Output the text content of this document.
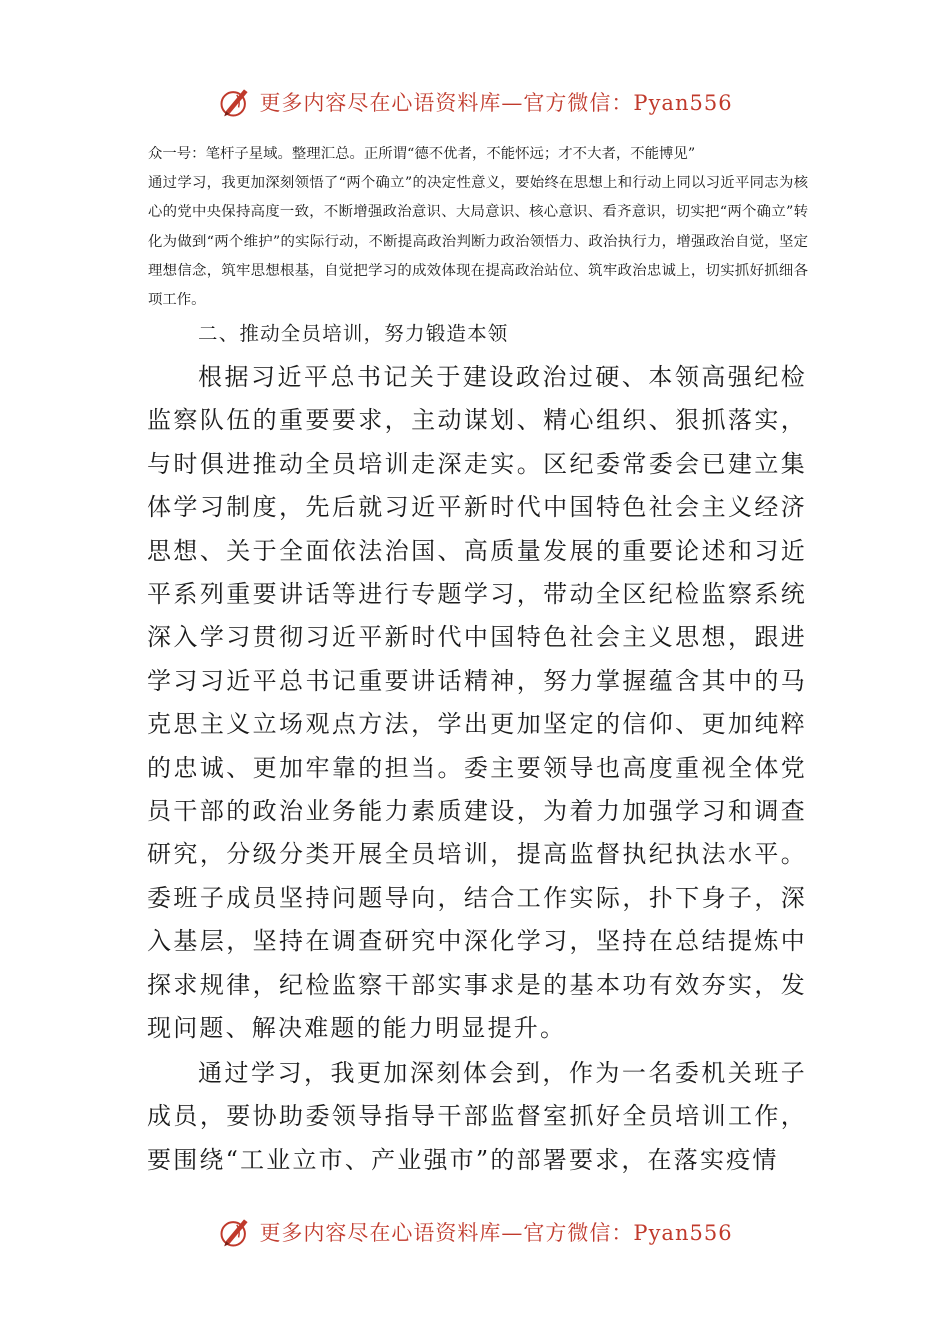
更多内容尽在心语资料库—官方微信：Pyan556

众一号：笔杆子星域。整理汇总。正所谓“德不优者，不能怀远；才不大者，不能博见”

通过学习，我更加深刻领悟了“两个确立”的决定性意义，要始终在思想上和行动上同以习近平同志为核心的党中央保持高度一致，不断增强政治意识、大局意识、核心意识、看齐意识，切实把“两个确立”转化为做到“两个维护”的实际行动，不断提高政治判断力政治领悟力、政治执行力，增强政治自觉，坚定理想信念，筑牢思想根基，自觉把学习的成效体现在提高政治站位、筑牢政治忠诚上，切实抓好抓细各项工作。

二、推动全员培训，努力锻造本领

根据习近平总书记关于建设政治过硬、本领高强纪检监察队伍的重要要求，主动谋划、精心组织、狠抓落实，与时俱进推动全员培训走深走实。区纪委常委会已建立集体学习制度，先后就习近平新时代中国特色社会主义经济思想、关于全面依法治国、高质量发展的重要论述和习近平系列重要讲话等进行专题学习，带动全区纪检监察系统深入学习贯彻习近平新时代中国特色社会主义思想，跟进学习习近平总书记重要讲话精神，努力掌握蕴含其中的马克思主义立场观点方法，学出更加坚定的信仰、更加纯粹的忠诚、更加牢靠的担当。委主要领导也高度重视全体党员干部的政治业务能力素质建设，为着力加强学习和调查研究，分级分类开展全员培训，提高监督执纪执法水平。委班子成员坚持问题导向，结合工作实际，扑下身子，深入基层，坚持在调查研究中深化学习，坚持在总结提炼中探求规律，纪检监察干部实事求是的基本功有效夯实，发现问题、解决难题的能力明显提升。

通过学习，我更加深刻体会到，作为一名委机关班子成员，要协助委领导指导干部监督室抓好全员培训工作，要围绕“工业立市、产业强市”的部署要求，在落实疫情

更多内容尽在心语资料库—官方微信：Pyan556
